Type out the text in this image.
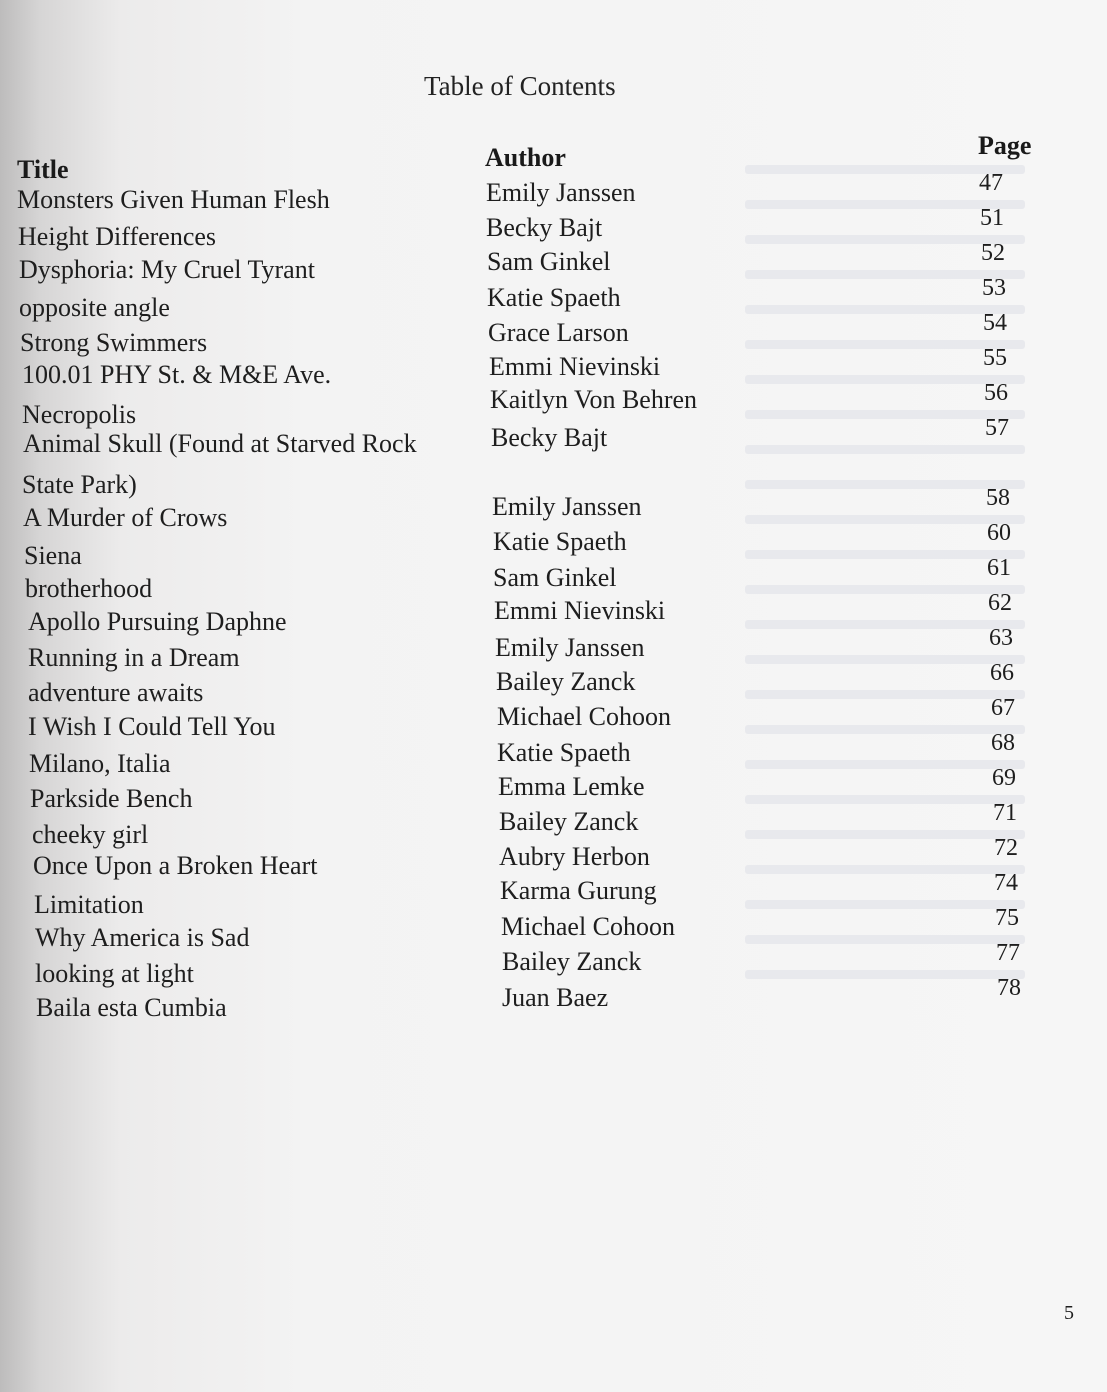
Table of Contents
Title	Author	Page
Monsters Given Human Flesh
Height Differences
Dysphoria: My Cruel Tyrant
opposite angle
Strong Swimmers
100.01 PHY St. & M&E Ave.
Necropolis
Animal Skull (Found at Starved Rock
State Park)
A Murder of Crows
Siena
brotherhood
Apollo Pursuing Daphne
Running in a Dream
adventure awaits
I Wish I Could Tell You
Milano, Italia
Parkside Bench
cheeky girl
Once Upon a Broken Heart
Limitation
Why America is Sad
looking at light
Baila esta Cumbia
Emily Janssen
Becky Bajt
Sam Ginkel
Katie Spaeth
Grace Larson
Emmi Nievinski
Kaitlyn Von Behren
Becky Bajt
Emily Janssen
Katie Spaeth
Sam Ginkel
Emmi Nievinski
Emily Janssen
Bailey Zanck
Michael Cohoon
Katie Spaeth
Emma Lemke
Bailey Zanck
Aubry Herbon
Karma Gurung
Michael Cohoon
Bailey Zanck
Juan Baez
47
51
52
53
54
55
56
57
58
60
61
62
63
66
67
68
69
71
72
74
75
77
78
5
